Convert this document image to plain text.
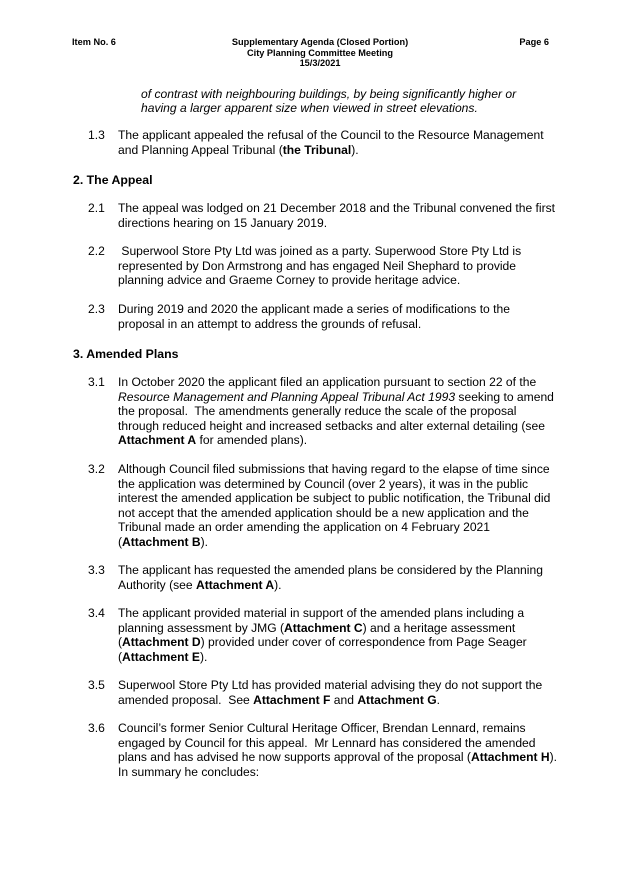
Item No. 6	Supplementary Agenda (Closed Portion)
City Planning Committee Meeting
15/3/2021
Page 6
of contrast with neighbouring buildings, by being significantly higher or having a larger apparent size when viewed in street elevations.
1.3	The applicant appealed the refusal of the Council to the Resource Management and Planning Appeal Tribunal (the Tribunal).
2. The Appeal
2.1	The appeal was lodged on 21 December 2018 and the Tribunal convened the first directions hearing on 15 January 2019.
2.2	Superwool Store Pty Ltd was joined as a party. Superwood Store Pty Ltd is represented by Don Armstrong and has engaged Neil Shephard to provide planning advice and Graeme Corney to provide heritage advice.
2.3	During 2019 and 2020 the applicant made a series of modifications to the proposal in an attempt to address the grounds of refusal.
3. Amended Plans
3.1	In October 2020 the applicant filed an application pursuant to section 22 of the Resource Management and Planning Appeal Tribunal Act 1993 seeking to amend the proposal.  The amendments generally reduce the scale of the proposal through reduced height and increased setbacks and alter external detailing (see Attachment A for amended plans).
3.2	Although Council filed submissions that having regard to the elapse of time since the application was determined by Council (over 2 years), it was in the public interest the amended application be subject to public notification, the Tribunal did not accept that the amended application should be a new application and the Tribunal made an order amending the application on 4 February 2021 (Attachment B).
3.3	The applicant has requested the amended plans be considered by the Planning Authority (see Attachment A).
3.4	The applicant provided material in support of the amended plans including a planning assessment by JMG (Attachment C) and a heritage assessment (Attachment D) provided under cover of correspondence from Page Seager (Attachment E).
3.5	Superwool Store Pty Ltd has provided material advising they do not support the amended proposal.  See Attachment F and Attachment G.
3.6	Council’s former Senior Cultural Heritage Officer, Brendan Lennard, remains engaged by Council for this appeal.  Mr Lennard has considered the amended plans and has advised he now supports approval of the proposal (Attachment H).  In summary he concludes:
